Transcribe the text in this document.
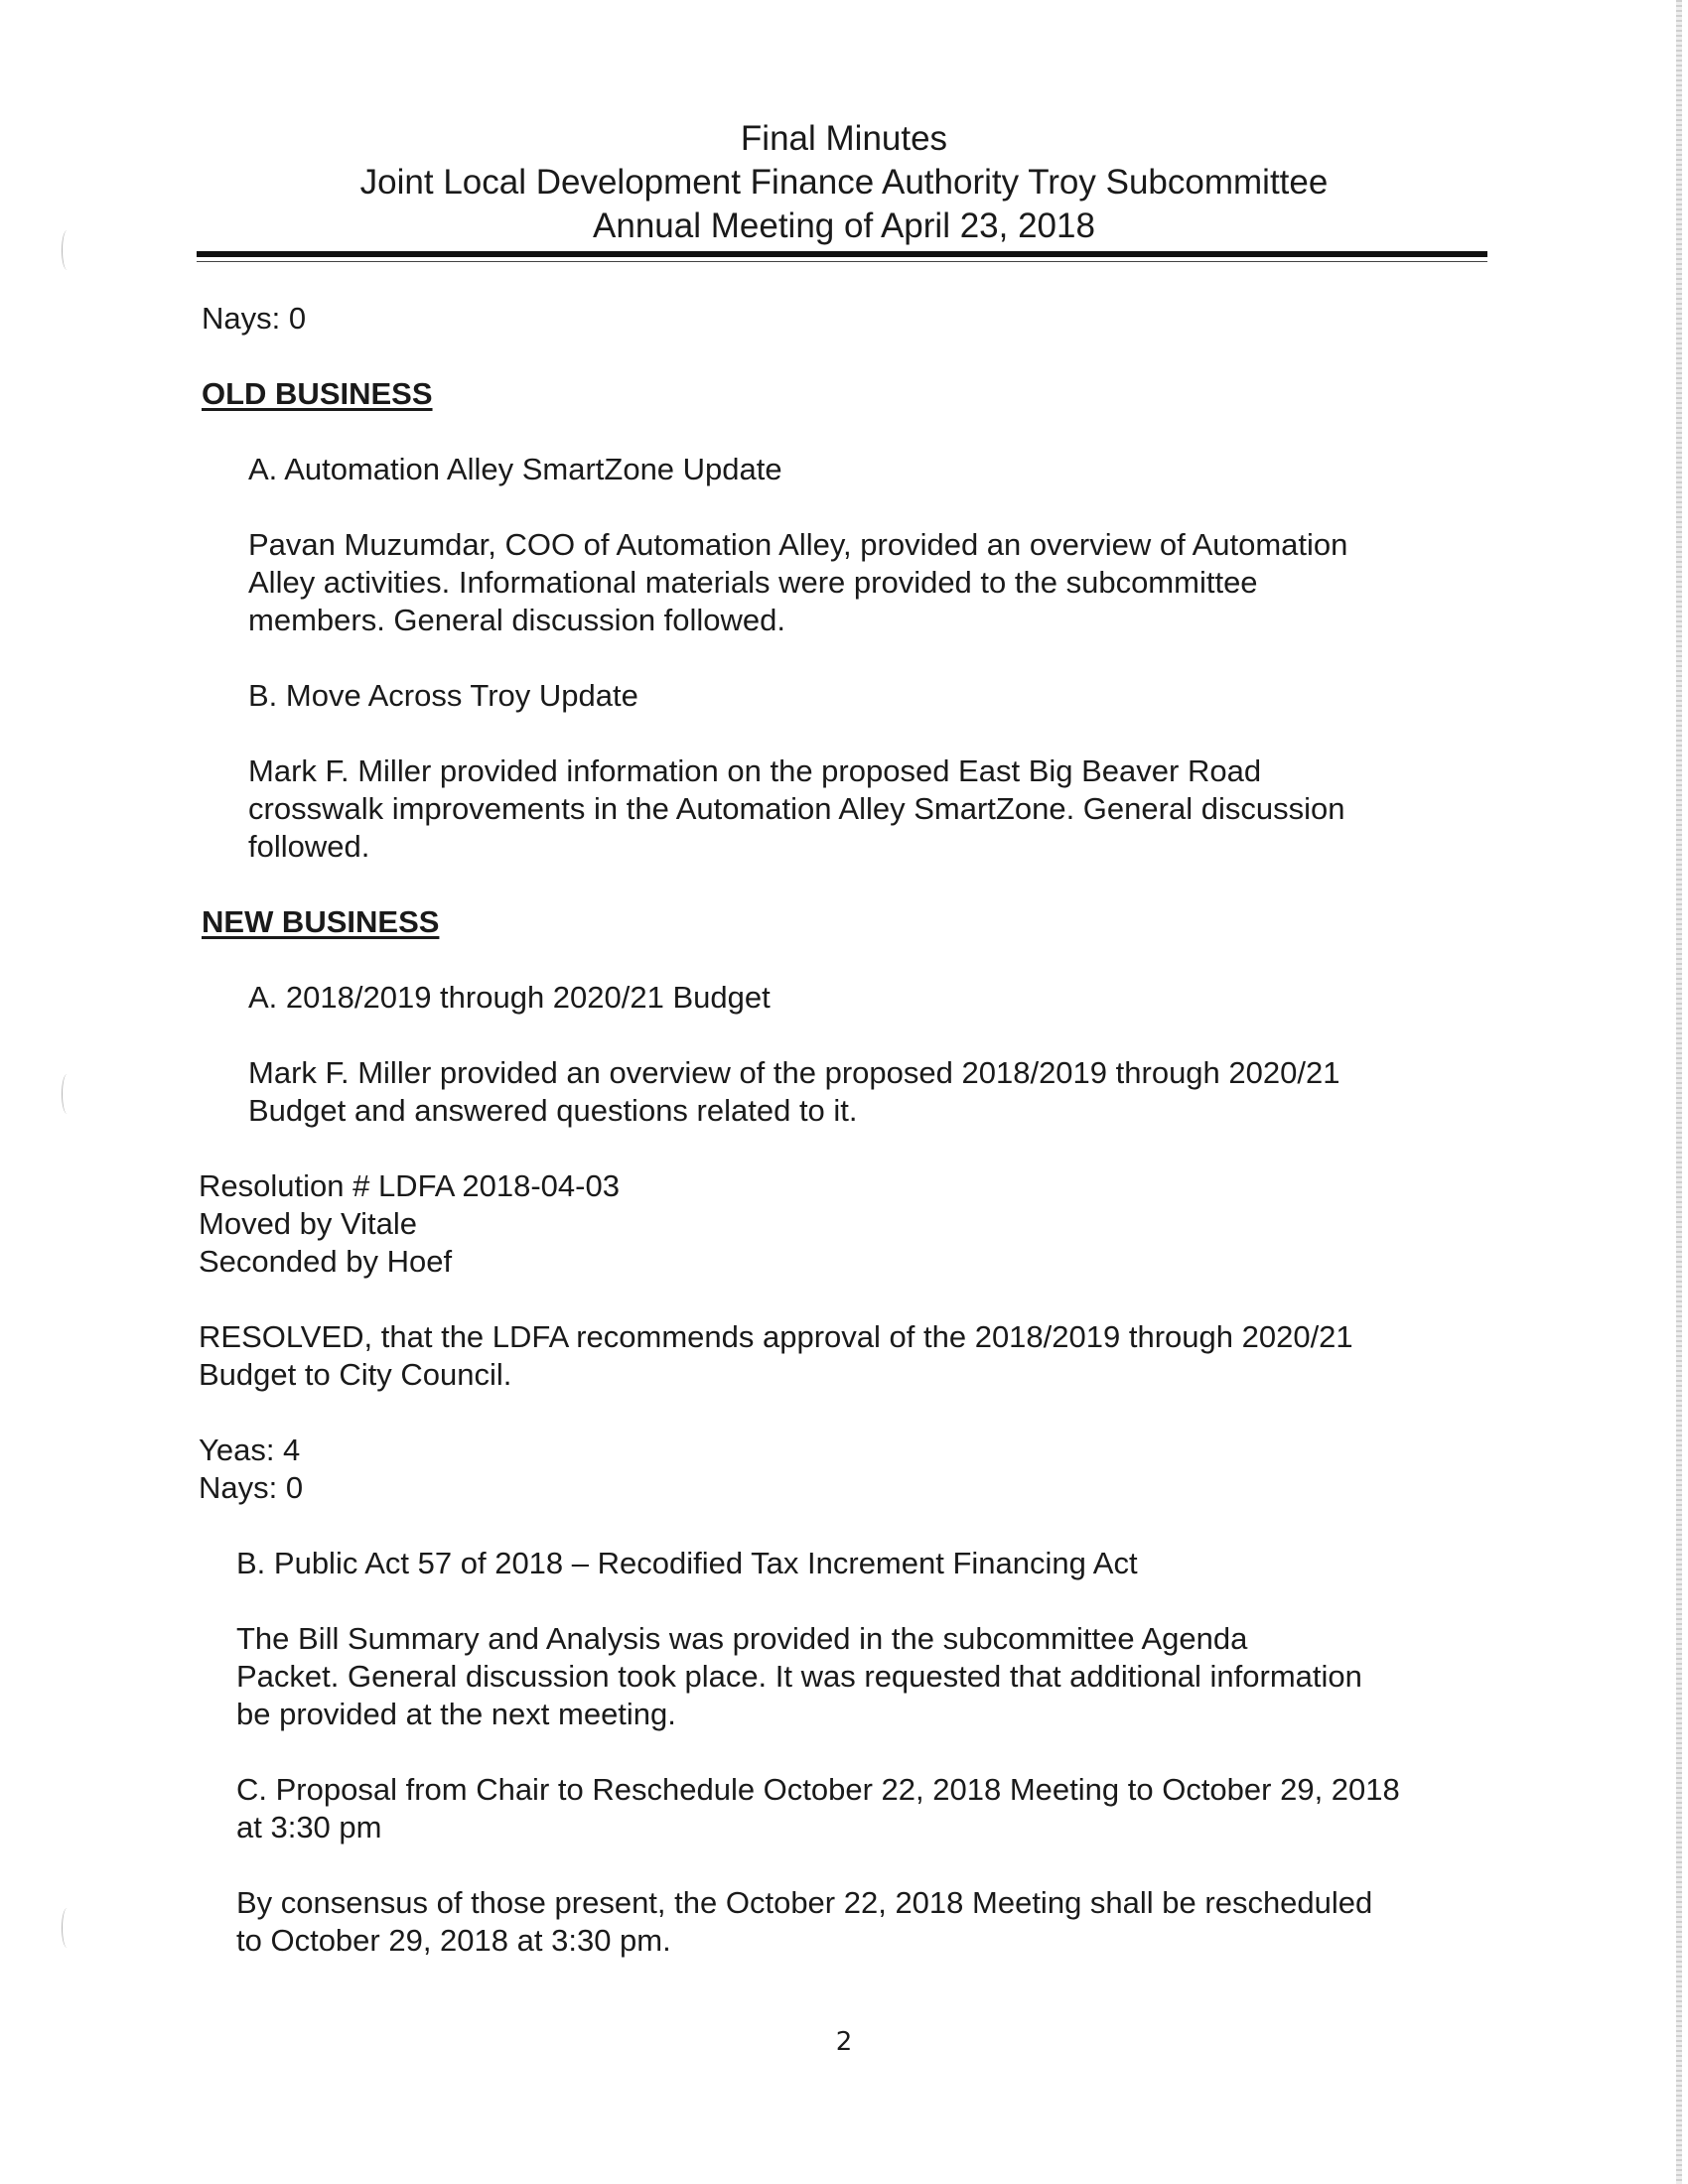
Final Minutes
Joint Local Development Finance Authority Troy Subcommittee
Annual Meeting of April 23, 2018
Nays: 0
OLD BUSINESS
A. Automation Alley SmartZone Update
Pavan Muzumdar, COO of Automation Alley, provided an overview of Automation
Alley activities. Informational materials were provided to the subcommittee
members. General discussion followed.
B. Move Across Troy Update
Mark F. Miller provided information on the proposed East Big Beaver Road
crosswalk improvements in the Automation Alley SmartZone. General discussion
followed.
NEW BUSINESS
A. 2018/2019 through 2020/21 Budget
Mark F. Miller provided an overview of the proposed 2018/2019 through 2020/21
Budget and answered questions related to it.
Resolution # LDFA 2018-04-03
Moved by Vitale
Seconded by Hoef
RESOLVED, that the LDFA recommends approval of the 2018/2019 through 2020/21
Budget to City Council.
Yeas: 4
Nays: 0
B. Public Act 57 of 2018 – Recodified Tax Increment Financing Act
The Bill Summary and Analysis was provided in the subcommittee Agenda
Packet. General discussion took place. It was requested that additional information
be provided at the next meeting.
C. Proposal from Chair to Reschedule October 22, 2018 Meeting to October 29, 2018
at 3:30 pm
By consensus of those present, the October 22, 2018 Meeting shall be rescheduled
to October 29, 2018 at 3:30 pm.
2
